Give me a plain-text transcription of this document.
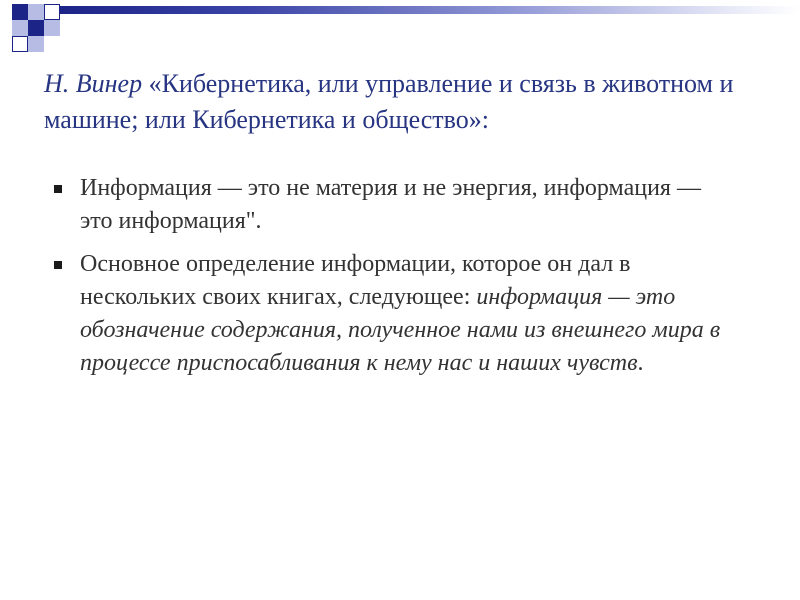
Н. Винер «Кибернетика, или управление и связь в животном и машине; или Кибернетика и общество»:
Информация — это не материя и не энергия, информация — это информация".
Основное определение информации, которое он дал в нескольких своих книгах, следующее: информация — это обозначение содержания, полученное нами из внешнего мира в процессе приспосабливания к нему нас и наших чувств.
